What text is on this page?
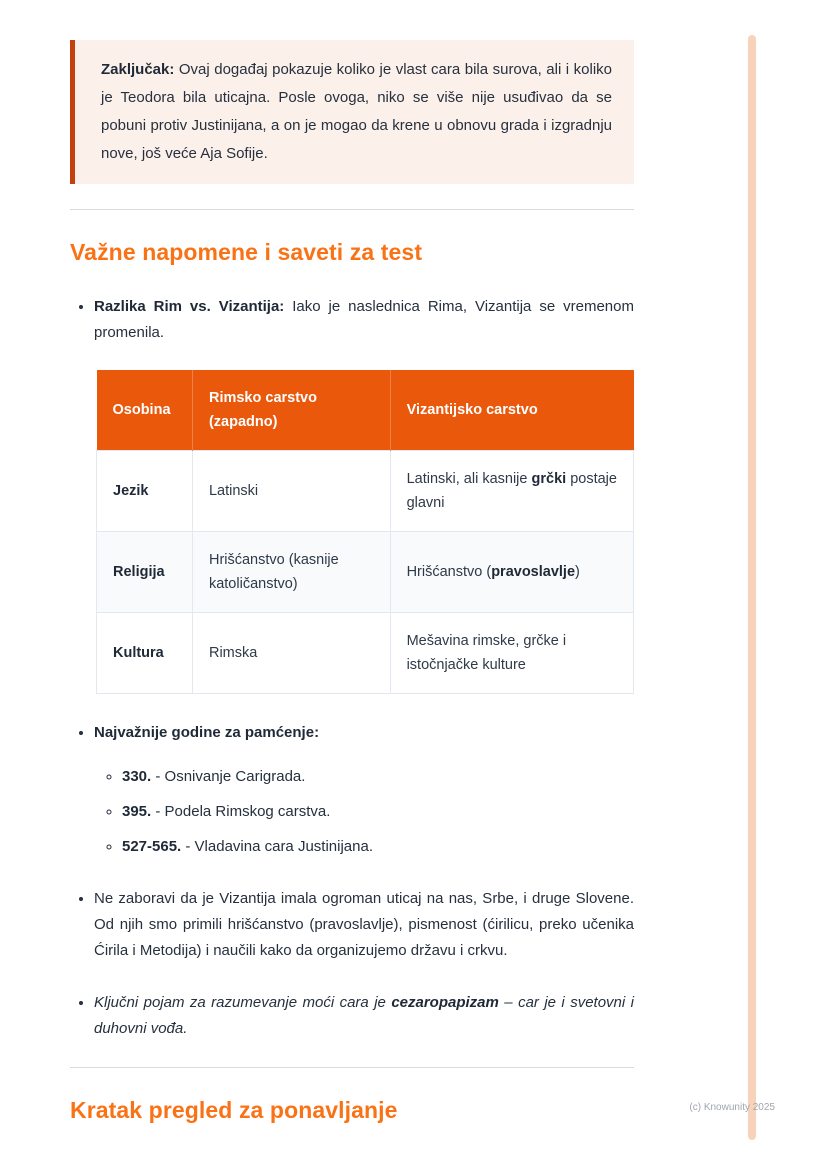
Zaključak: Ovaj događaj pokazuje koliko je vlast cara bila surova, ali i koliko je Teodora bila uticajna. Posle ovoga, niko se više nije usuđivao da se pobuni protiv Justinijana, a on je mogao da krene u obnovu grada i izgradnju nove, još veće Aja Sofije.

Važne napomene i saveti za test

• Razlika Rim vs. Vizantija: Iako je naslednica Rima, Vizantija se vremenom promenila.

Osobina	Rimsko carstvo (zapadno)	Vizantijsko carstvo
Jezik	Latinski	Latinski, ali kasnije grčki postaje glavni
Religija	Hrišćanstvo (kasnije katoličanstvo)	Hrišćanstvo (pravoslavlje)
Kultura	Rimska	Mešavina rimske, grčke i istočnjačke kulture

• Najvažnije godine za pamćenje:

◦ 330. - Osnivanje Carigrada.
◦ 395. - Podela Rimskog carstva.
◦ 527-565. - Vladavina cara Justinijana.

• Ne zaboravi da je Vizantija imala ogroman uticaj na nas, Srbe, i druge Slovene. Od njih smo primili hrišćanstvo (pravoslavlje), pismenost (ćirilicu, preko učenika Ćirila i Metodija) i naučili kako da organizujemo državu i crkvu.

• Ključni pojam za razumevanje moći cara je cezaropapizam – car je i svetovni i duhovni vođa.

Kratak pregled za ponavljanje	(c) Knowunity 2025
